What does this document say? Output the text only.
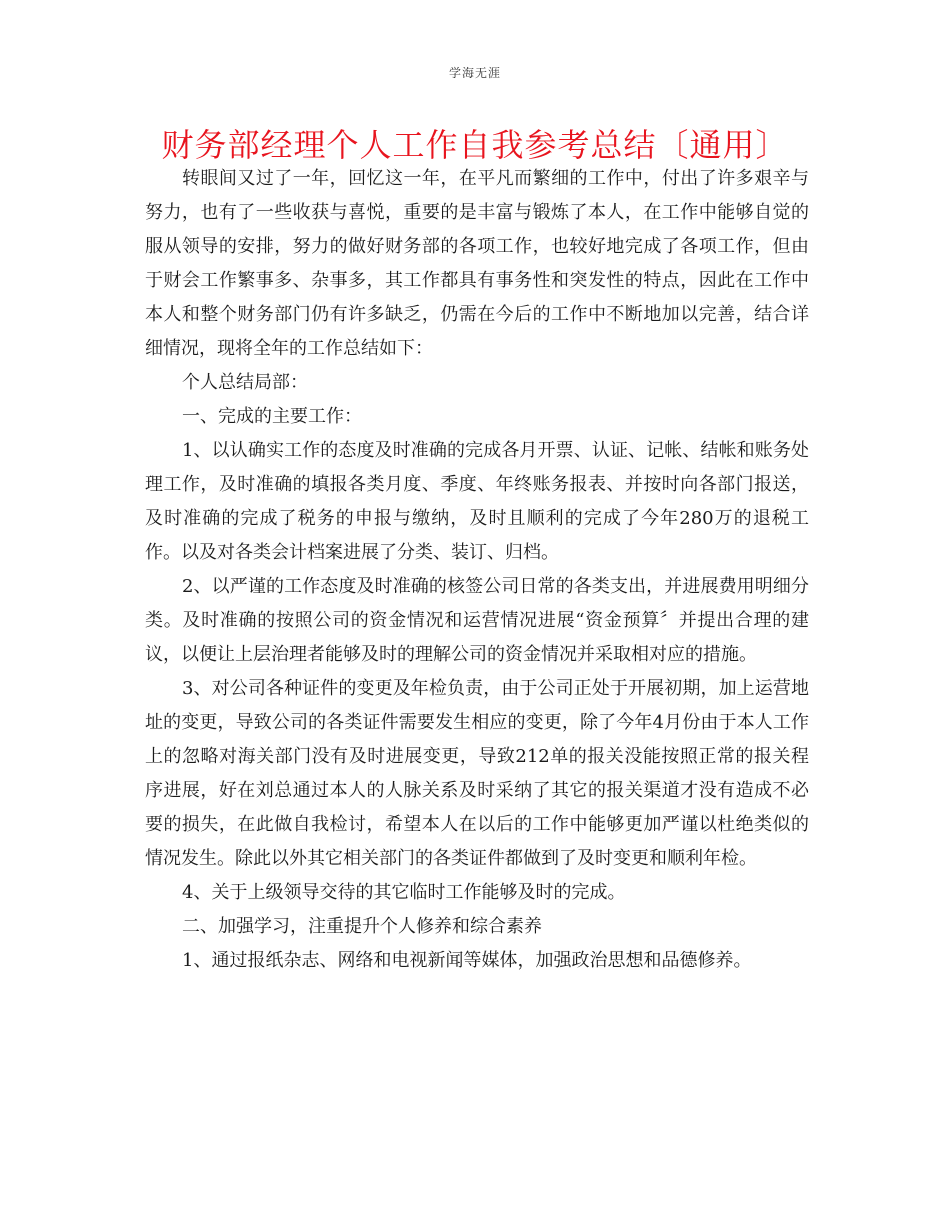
学海无涯
财务部经理个人工作自我参考总结〔通用〕

转眼间又过了一年，回忆这一年，在平凡而繁细的工作中，付出了许多艰辛与努力，也有了一些收获与喜悦，重要的是丰富与锻炼了本人，在工作中能够自觉的服从领导的安排，努力的做好财务部的各项工作，也较好地完成了各项工作，但由于财会工作繁事多、杂事多，其工作都具有事务性和突发性的特点，因此在工作中本人和整个财务部门仍有许多缺乏，仍需在今后的工作中不断地加以完善，结合详细情况，现将全年的工作总结如下：

个人总结局部：

一、完成的主要工作：

1、以认确实工作的态度及时准确的完成各月开票、认证、记帐、结帐和账务处理工作，及时准确的填报各类月度、季度、年终账务报表、并按时向各部门报送，及时准确的完成了税务的申报与缴纳，及时且顺利的完成了今年280万的退税工作。以及对各类会计档案进展了分类、装订、归档。

2、以严谨的工作态度及时准确的核签公司日常的各类支出，并进展费用明细分类。及时准确的按照公司的资金情况和运营情况进展“资金预算〞并提出合理的建议，以便让上层治理者能够及时的理解公司的资金情况并采取相对应的措施。

3、对公司各种证件的变更及年检负责，由于公司正处于开展初期，加上运营地址的变更，导致公司的各类证件需要发生相应的变更，除了今年4月份由于本人工作上的忽略对海关部门没有及时进展变更，导致212单的报关没能按照正常的报关程序进展，好在刘总通过本人的人脉关系及时采纳了其它的报关渠道才没有造成不必要的损失，在此做自我检讨，希望本人在以后的工作中能够更加严谨以杜绝类似的情况发生。除此以外其它相关部门的各类证件都做到了及时变更和顺利年检。

4、关于上级领导交待的其它临时工作能够及时的完成。

二、加强学习，注重提升个人修养和综合素养

1、通过报纸杂志、网络和电视新闻等媒体，加强政治思想和品德修养。
